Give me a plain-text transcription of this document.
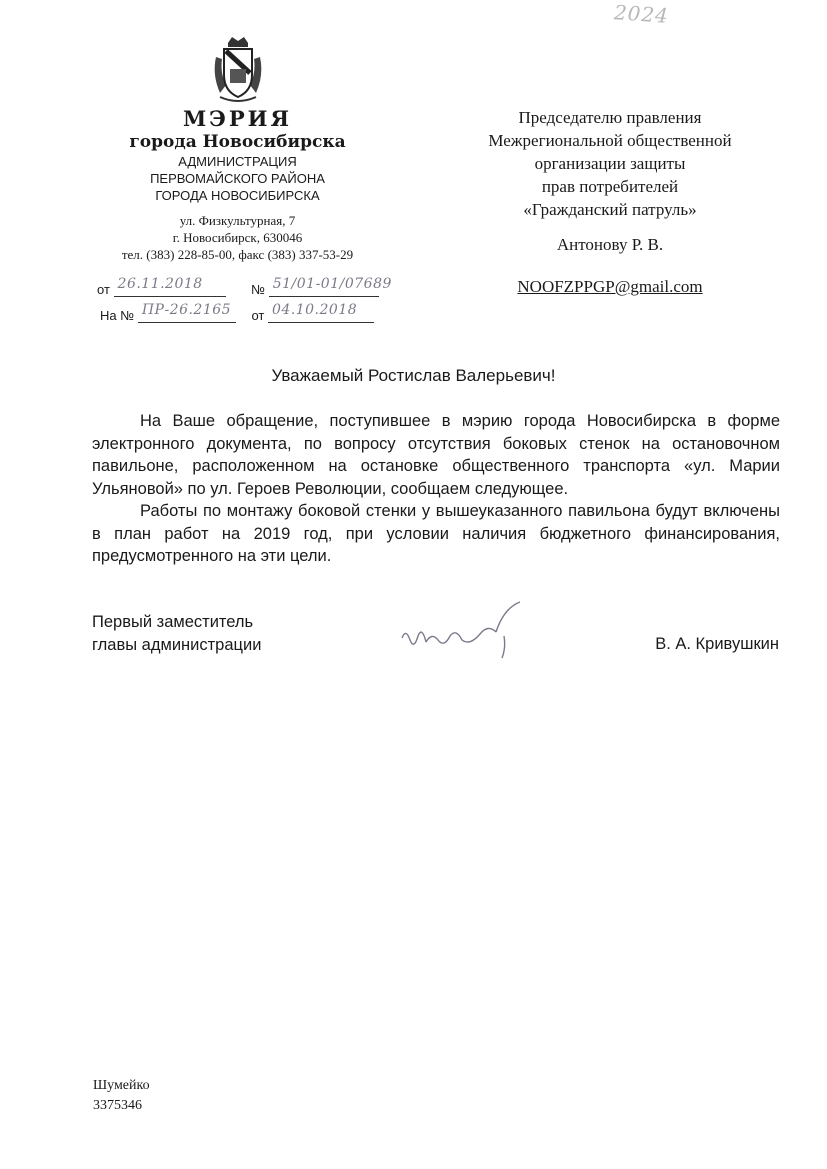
2024
МЭРИЯ
города Новосибирска
АДМИНИСТРАЦИЯ
ПЕРВОМАЙСКОГО РАЙОНА
ГОРОДА НОВОСИБИРСКА
ул. Физкультурная, 7
г. Новосибирск, 630046
тел. (383) 228-85-00, факс (383) 337-53-29
от 26.11.2018	№ 51/01-01/07689
На № ПР-26.2165 от 04.10.2018
Председателю правления
Межрегиональной общественной
организации защиты
прав потребителей
«Гражданский патруль»
Антонову Р. В.
NOOFZPPGP@gmail.com
Уважаемый Ростислав Валерьевич!

На Ваше обращение, поступившее в мэрию города Новосибирска в форме электронного документа, по вопросу отсутствия боковых стенок на остановочном павильоне, расположенном на остановке общественного транспорта «ул. Марии Ульяновой» по ул. Героев Революции, сообщаем следующее.

Работы по монтажу боковой стенки у вышеуказанного павильона будут включены в план работ на 2019 год, при условии наличия бюджетного финансирования, предусмотренного на эти цели.

Первый заместитель
главы администрации	В. А. Кривушкин
Шумейко
3375346
